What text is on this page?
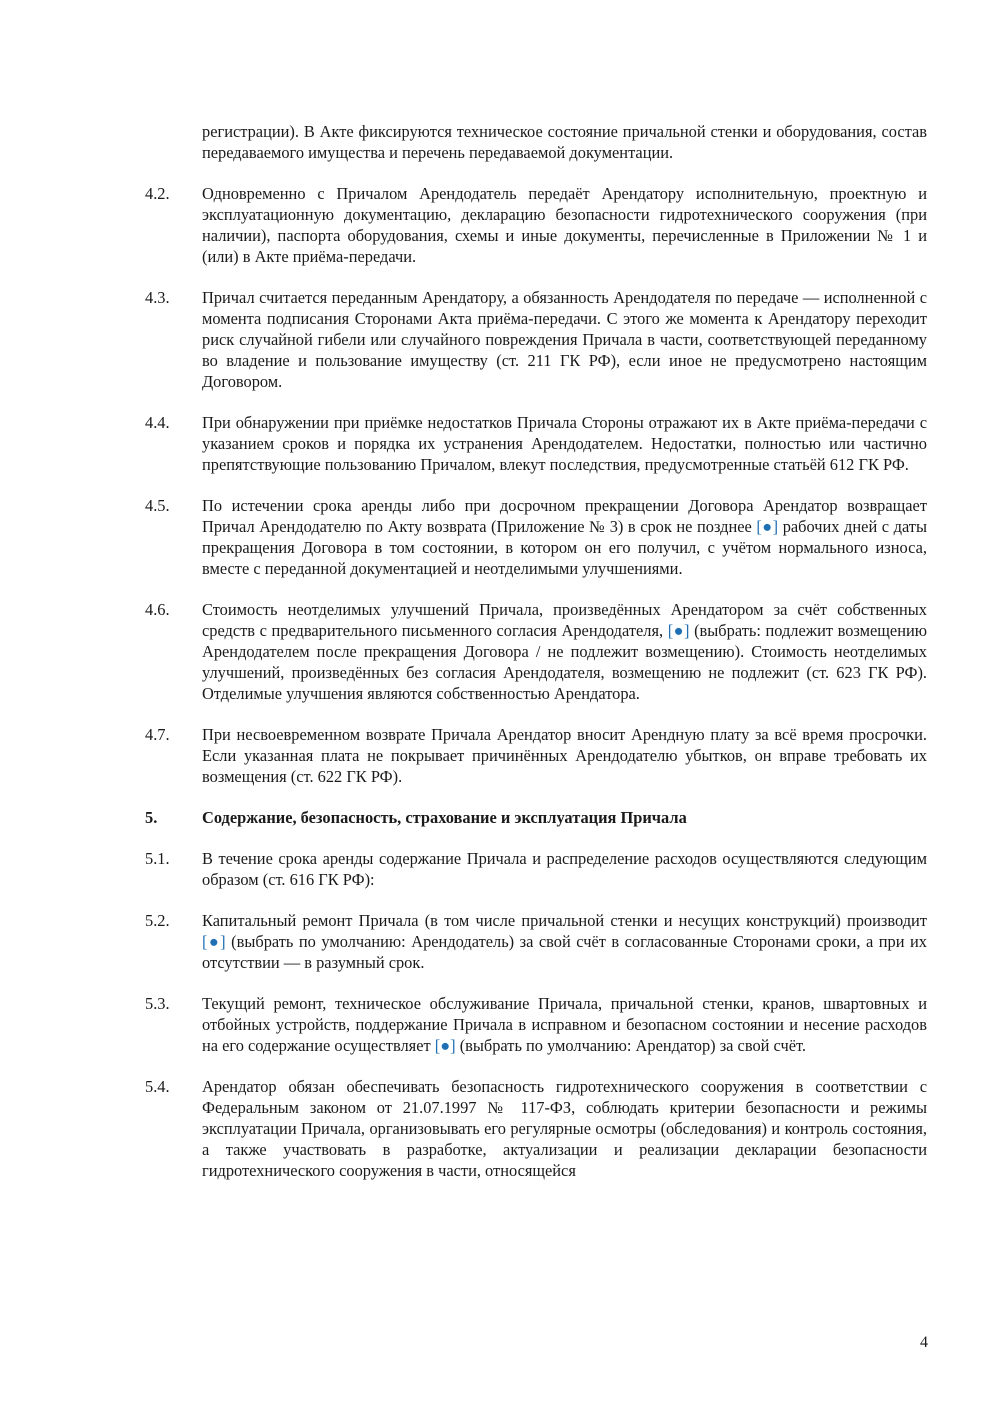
регистрации). В Акте фиксируются техническое состояние причальной стенки и оборудования, состав передаваемого имущества и перечень передаваемой документации.
4.2.	Одновременно с Причалом Арендодатель передаёт Арендатору исполнительную, проектную и эксплуатационную документацию, декларацию безопасности гидротехнического сооружения (при наличии), паспорта оборудования, схемы и иные документы, перечисленные в Приложении № 1 и (или) в Акте приёма-передачи.
4.3.	Причал считается переданным Арендатору, а обязанность Арендодателя по передаче — исполненной с момента подписания Сторонами Акта приёма-передачи. С этого же момента к Арендатору переходит риск случайной гибели или случайного повреждения Причала в части, соответствующей переданному во владение и пользование имуществу (ст. 211 ГК РФ), если иное не предусмотрено настоящим Договором.
4.4.	При обнаружении при приёмке недостатков Причала Стороны отражают их в Акте приёма-передачи с указанием сроков и порядка их устранения Арендодателем. Недостатки, полностью или частично препятствующие пользованию Причалом, влекут последствия, предусмотренные статьёй 612 ГК РФ.
4.5.	По истечении срока аренды либо при досрочном прекращении Договора Арендатор возвращает Причал Арендодателю по Акту возврата (Приложение № 3) в срок не позднее [●] рабочих дней с даты прекращения Договора в том состоянии, в котором он его получил, с учётом нормального износа, вместе с переданной документацией и неотделимыми улучшениями.
4.6.	Стоимость неотделимых улучшений Причала, произведённых Арендатором за счёт собственных средств с предварительного письменного согласия Арендодателя, [●] (выбрать: подлежит возмещению Арендодателем после прекращения Договора / не подлежит возмещению). Стоимость неотделимых улучшений, произведённых без согласия Арендодателя, возмещению не подлежит (ст. 623 ГК РФ). Отделимые улучшения являются собственностью Арендатора.
4.7.	При несвоевременном возврате Причала Арендатор вносит Арендную плату за всё время просрочки. Если указанная плата не покрывает причинённых Арендодателю убытков, он вправе требовать их возмещения (ст. 622 ГК РФ).
5.	Содержание, безопасность, страхование и эксплуатация Причала
5.1.	В течение срока аренды содержание Причала и распределение расходов осуществляются следующим образом (ст. 616 ГК РФ):
5.2.	Капитальный ремонт Причала (в том числе причальной стенки и несущих конструкций) производит [●] (выбрать по умолчанию: Арендодатель) за свой счёт в согласованные Сторонами сроки, а при их отсутствии — в разумный срок.
5.3.	Текущий ремонт, техническое обслуживание Причала, причальной стенки, кранов, швартовных и отбойных устройств, поддержание Причала в исправном и безопасном состоянии и несение расходов на его содержание осуществляет [●] (выбрать по умолчанию: Арендатор) за свой счёт.
5.4.	Арендатор обязан обеспечивать безопасность гидротехнического сооружения в соответствии с Федеральным законом от 21.07.1997 № 117-ФЗ, соблюдать критерии безопасности и режимы эксплуатации Причала, организовывать его регулярные осмотры (обследования) и контроль состояния, а также участвовать в разработке, актуализации и реализации декларации безопасности гидротехнического сооружения в части, относящейся
4
